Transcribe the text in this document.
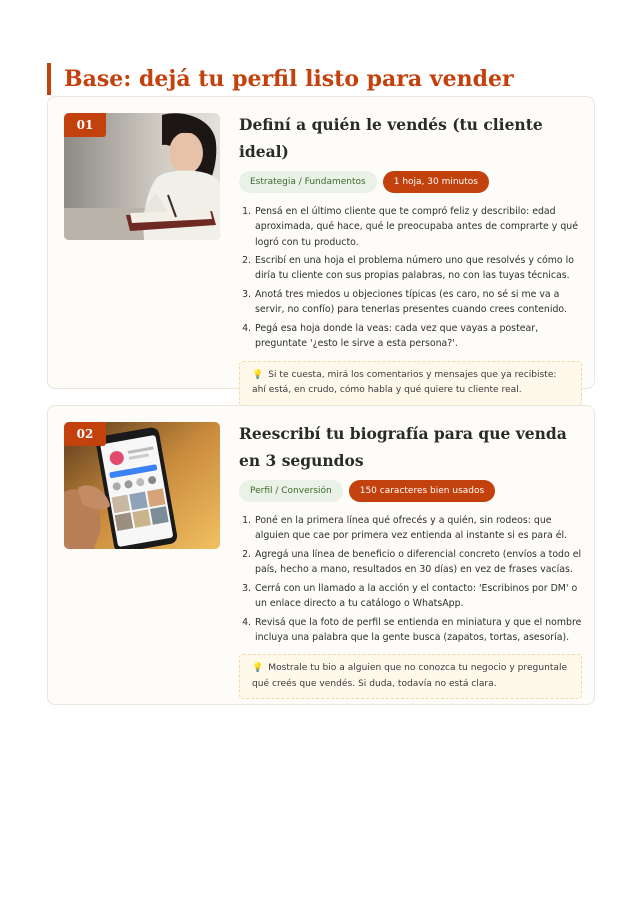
Base: dejá tu perfil listo para vender
01	Definí a quién le vendés (tu cliente ideal)
Estrategia / Fundamentos	1 hoja, 30 minutos
1. Pensá en el último cliente que te compró feliz y describilo: edad aproximada, qué hace, qué le preocupaba antes de comprarte y qué logró con tu producto.
2. Escribí en una hoja el problema número uno que resolvés y cómo lo diría tu cliente con sus propias palabras, no con las tuyas técnicas.
3. Anotá tres miedos u objeciones típicas (es caro, no sé si me va a servir, no confío) para tenerlas presentes cuando crees contenido.
4. Pegá esa hoja donde la veas: cada vez que vayas a postear, preguntate '¿esto le sirve a esta persona?'.
💡 Si te cuesta, mirá los comentarios y mensajes que ya recibiste: ahí está, en crudo, cómo habla y qué quiere tu cliente real.
02	Reescribí tu biografía para que venda en 3 segundos
Perfil / Conversión	150 caracteres bien usados
1. Poné en la primera línea qué ofrecés y a quién, sin rodeos: que alguien que cae por primera vez entienda al instante si es para él.
2. Agregá una línea de beneficio o diferencial concreto (envíos a todo el país, hecho a mano, resultados en 30 días) en vez de frases vacías.
3. Cerrá con un llamado a la acción y el contacto: 'Escribinos por DM' o un enlace directo a tu catálogo o WhatsApp.
4. Revisá que la foto de perfil se entienda en miniatura y que el nombre incluya una palabra que la gente busca (zapatos, tortas, asesoría).
💡 Mostrale tu bio a alguien que no conozca tu negocio y preguntale qué creés que vendés. Si duda, todavía no está clara.
